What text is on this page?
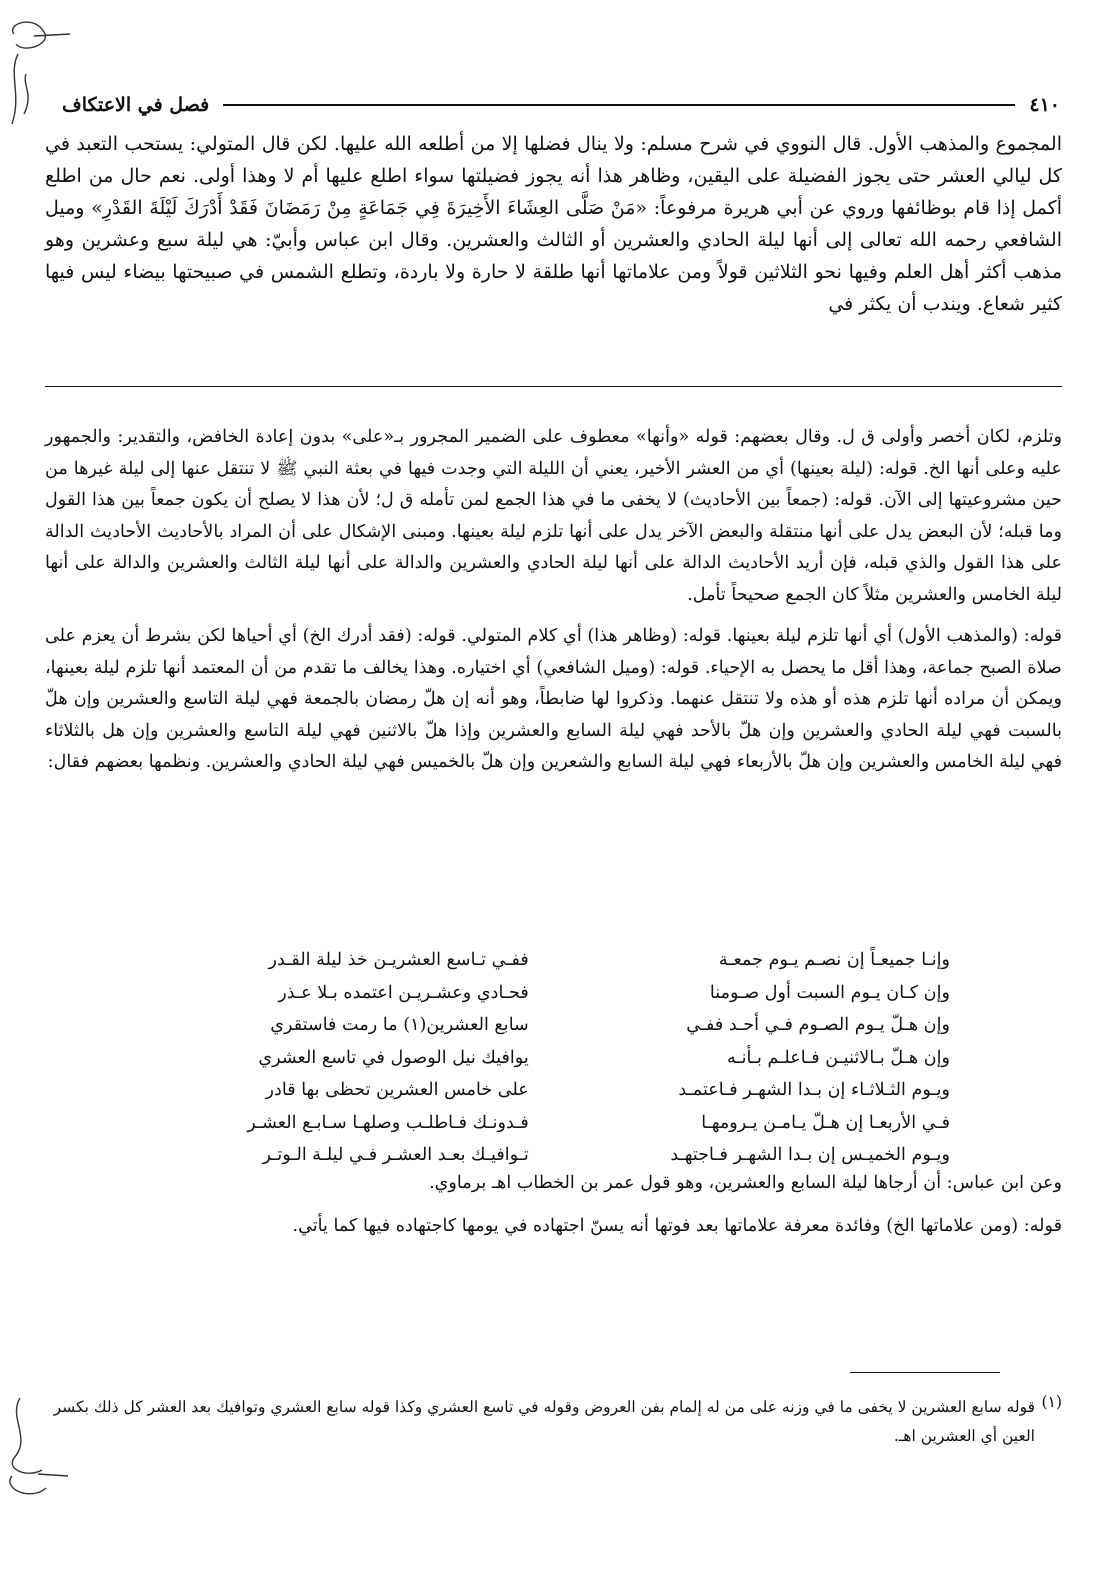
٤١٠
فصل في الاعتكاف

المجموع والمذهب الأول. قال النووي في شرح مسلم: ولا ينال فضلها إلا من أطلعه الله عليها. لكن قال المتولي: يستحب التعبد في كل ليالي العشر حتى يجوز الفضيلة على اليقين، وظاهر هذا أنه يجوز فضيلتها سواء اطلع عليها أم لا وهذا أولى. نعم حال من اطلع أكمل إذا قام بوظائفها وروي عن أبي هريرة مرفوعاً: «مَنْ صَلَّى العِشَاءَ الأَخِيرَةَ فِي جَمَاعَةٍ مِنْ رَمَضَانَ فَقَدْ أَدْرَكَ لَيْلَةَ القَدْرِ» وميل الشافعي رحمه الله تعالى إلى أنها ليلة الحادي والعشرين أو الثالث والعشرين. وقال ابن عباس وأبيّ: هي ليلة سبع وعشرين وهو مذهب أكثر أهل العلم وفيها نحو الثلاثين قولاً ومن علاماتها أنها طلقة لا حارة ولا باردة، وتطلع الشمس في صبيحتها بيضاء ليس فيها كثير شعاع. ويندب أن يكثر في

وتلزم، لكان أخصر وأولى ق ل. وقال بعضهم: قوله «وأنها» معطوف على الضمير المجرور بـ«على» بدون إعادة الخافض، والتقدير: والجمهور عليه وعلى أنها الخ. قوله: (ليلة بعينها) أي من العشر الأخير، يعني أن الليلة التي وجدت فيها في بعثة النبي ﷺ لا تنتقل عنها إلى ليلة غيرها من حين مشروعيتها إلى الآن. قوله: (جمعاً بين الأحاديث) لا يخفى ما في هذا الجمع لمن تأمله ق ل؛ لأن هذا لا يصلح أن يكون جمعاً بين هذا القول وما قبله؛ لأن البعض يدل على أنها منتقلة والبعض الآخر يدل على أنها تلزم ليلة بعينها. ومبنى الإشكال على أن المراد بالأحاديث الأحاديث الدالة على هذا القول والذي قبله، فإن أريد الأحاديث الدالة على أنها ليلة الحادي والعشرين والدالة على أنها ليلة الثالث والعشرين والدالة على أنها ليلة الخامس والعشرين مثلاً كان الجمع صحيحاً تأمل.

قوله: (والمذهب الأول) أي أنها تلزم ليلة بعينها. قوله: (وظاهر هذا) أي كلام المتولي. قوله: (فقد أدرك الخ) أي أحياها لكن بشرط أن يعزم على صلاة الصبح جماعة، وهذا أقل ما يحصل به الإحياء. قوله: (وميل الشافعي) أي اختياره. وهذا يخالف ما تقدم من أن المعتمد أنها تلزم ليلة بعينها، ويمكن أن مراده أنها تلزم هذه أو هذه ولا تنتقل عنهما. وذكروا لها ضابطاً، وهو أنه إن هلّ رمضان بالجمعة فهي ليلة التاسع والعشرين وإن هلّ بالسبت فهي ليلة الحادي والعشرين وإن هلّ بالأحد فهي ليلة السابع والعشرين وإذا هلّ بالاثنين فهي ليلة التاسع والعشرين وإن هل بالثلاثاء فهي ليلة الخامس والعشرين وإن هلّ بالأربعاء فهي ليلة السابع والشعرين وإن هلّ بالخميس فهي ليلة الحادي والعشرين. ونظمها بعضهم فقال:

وإنـا جميعـاً إن نصـم يـوم جمعـة
ففـي تـاسع العشريـن خذ ليلة القـدر
وإن كـان يـوم السبت أول صـومنا
فحـادي وعشـريـن اعتمده بـلا عـذر
وإن هـلّ يـوم الصـوم فـي أحـد ففـي
سابع العشرين(١) ما رمت فاستقري
وإن هـلّ بـالاثنيـن فـاعلـم بـأنـه
يوافيك نيل الوصول في تاسع العشري
ويـوم الثـلاثـاء إن بـدا الشهـر فـاعتمـد
على خامس العشرين تحظى بها قادر
فـي الأربعـا إن هـلّ يـامـن يـرومهـا
فـدونـك فـاطلـب وصلهـا سـابـع العشـر
ويـوم الخميـس إن بـدا الشهـر فـاجتهـد
تـوافيـك بعـد العشـر فـي ليلـة الـوتـر

وعن ابن عباس: أن أرجاها ليلة السابع والعشرين، وهو قول عمر بن الخطاب اهـ برماوي.

قوله: (ومن علاماتها الخ) وفائدة معرفة علاماتها بعد فوتها أنه يسنّ اجتهاده في يومها كاجتهاده فيها كما يأتي.

(١)
قوله سابع العشرين لا يخفى ما في وزنه على من له إلمام بفن العروض وقوله في تاسع العشري وكذا قوله سابع العشري وتوافيك بعد العشر كل ذلك بكسر العين أي العشرين اهـ.
